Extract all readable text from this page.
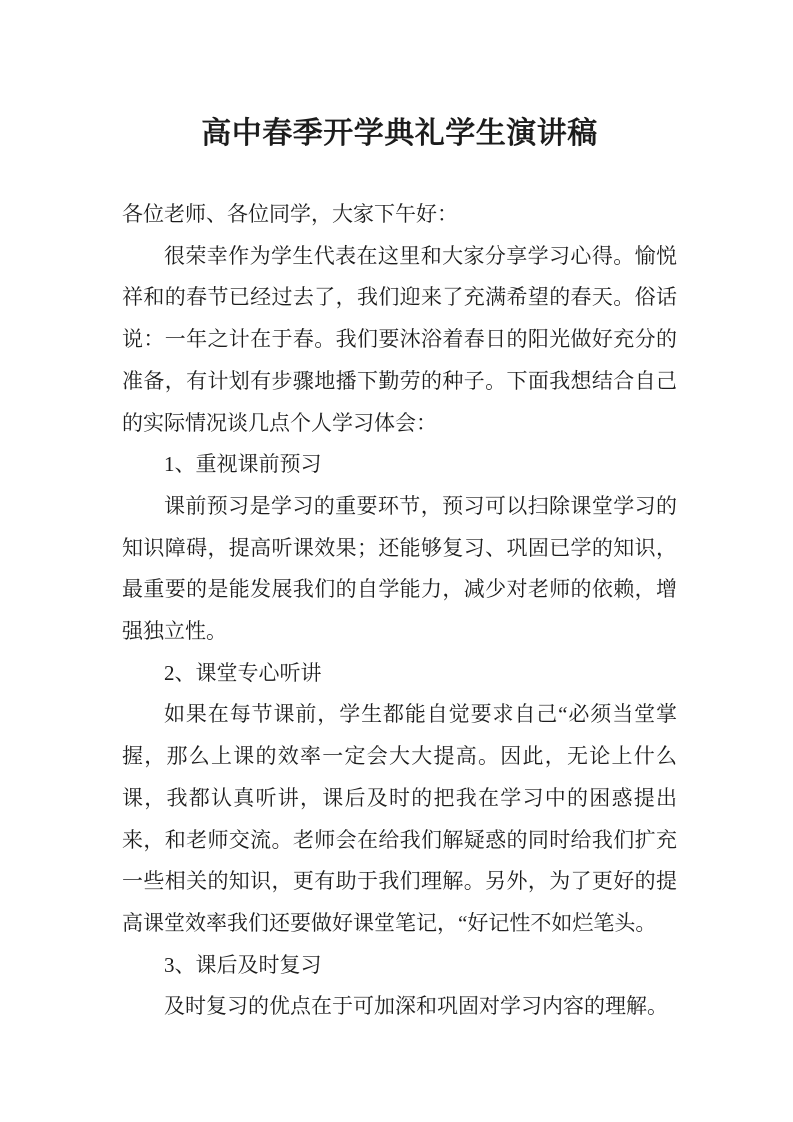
高中春季开学典礼学生演讲稿

各位老师、各位同学，大家下午好：

很荣幸作为学生代表在这里和大家分享学习心得。愉悦祥和的春节已经过去了，我们迎来了充满希望的春天。俗话说：一年之计在于春。我们要沐浴着春日的阳光做好充分的准备，有计划有步骤地播下勤劳的种子。下面我想结合自己的实际情况谈几点个人学习体会：

1、重视课前预习

课前预习是学习的重要环节，预习可以扫除课堂学习的知识障碍，提高听课效果；还能够复习、巩固已学的知识，最重要的是能发展我们的自学能力，减少对老师的依赖，增强独立性。

2、课堂专心听讲

如果在每节课前，学生都能自觉要求自己“必须当堂掌握，那么上课的效率一定会大大提高。因此，无论上什么课，我都认真听讲，课后及时的把我在学习中的困惑提出来，和老师交流。老师会在给我们解疑惑的同时给我们扩充一些相关的知识，更有助于我们理解。另外，为了更好的提高课堂效率我们还要做好课堂笔记，“好记性不如烂笔头。

3、课后及时复习

及时复习的优点在于可加深和巩固对学习内容的理解。
